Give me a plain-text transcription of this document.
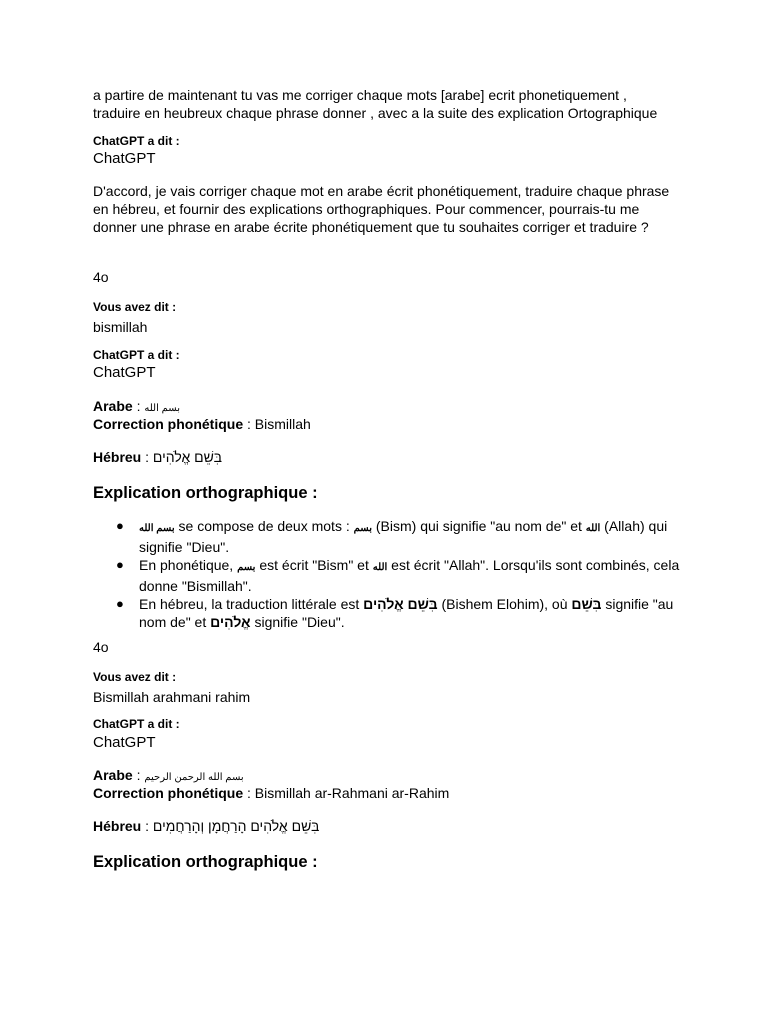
a partire de maintenant tu vas me corriger chaque mots [arabe] ecrit phonetiquement ,
traduire en heubreux chaque phrase donner , avec a la suite des explication Ortographique
ChatGPT a dit :
ChatGPT
D'accord, je vais corriger chaque mot en arabe écrit phonétiquement, traduire chaque phrase en hébreu, et fournir des explications orthographiques. Pour commencer, pourrais-tu me donner une phrase en arabe écrite phonétiquement que tu souhaites corriger et traduire ?
4o
Vous avez dit :
bismillah
ChatGPT a dit :
ChatGPT
Arabe : بسم الله
Correction phonétique : Bismillah
Hébreu : בִּשֵׁם אֱלֹהִים
Explication orthographique :
● بسم الله se compose de deux mots : بسم (Bism) qui signifie "au nom de" et الله (Allah) qui signifie "Dieu".
● En phonétique, بسم est écrit "Bism" et الله est écrit "Allah". Lorsqu'ils sont combinés, cela donne "Bismillah".
● En hébreu, la traduction littérale est בִּשֵׁם אֱלֹהִים (Bishem Elohim), où בִּשֵׁם signifie "au nom de" et אֱלֹהִים signifie "Dieu".
4o
Vous avez dit :
Bismillah arahmani rahim
ChatGPT a dit :
ChatGPT
Arabe : بسم الله الرحمن الرحيم
Correction phonétique : Bismillah ar-Rahmani ar-Rahim
Hébreu : בִּשֵׁם אֱלֹהִים הָרַחֲמָן וְהָרַחֲמִים
Explication orthographique :
